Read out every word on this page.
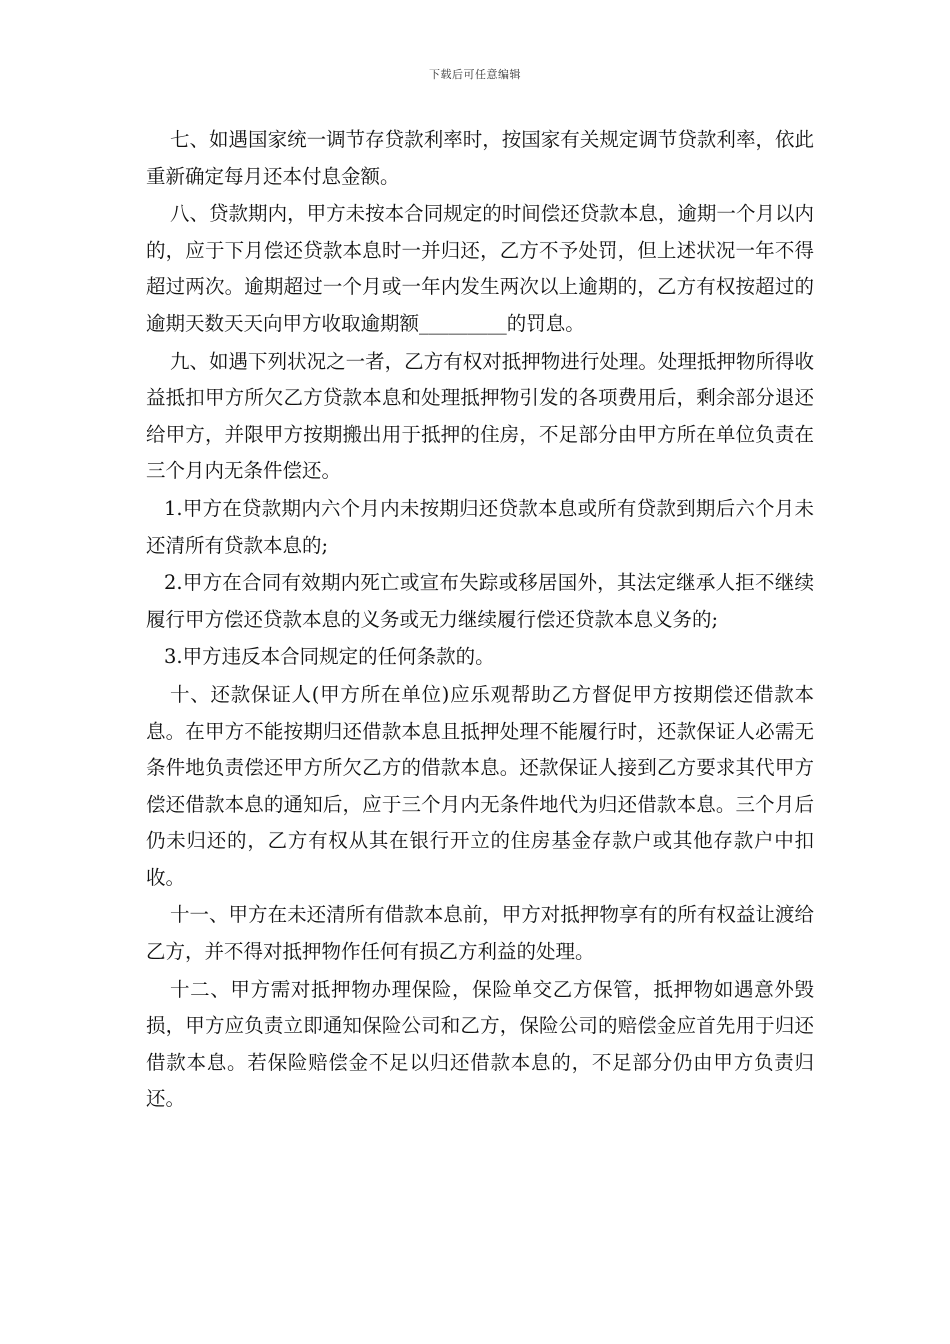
下载后可任意编辑

七、如遇国家统一调节存贷款利率时，按国家有关规定调节贷款利率，依此重新确定每月还本付息金额。

八、贷款期内，甲方未按本合同规定的时间偿还贷款本息，逾期一个月以内的，应于下月偿还贷款本息时一并归还，乙方不予处罚，但上述状况一年不得超过两次。逾期超过一个月或一年内发生两次以上逾期的，乙方有权按超过的逾期天数天天向甲方收取逾期额_________的罚息。

九、如遇下列状况之一者，乙方有权对抵押物进行处理。处理抵押物所得收益抵扣甲方所欠乙方贷款本息和处理抵押物引发的各项费用后，剩余部分退还给甲方，并限甲方按期搬出用于抵押的住房，不足部分由甲方所在单位负责在三个月内无条件偿还。

1.甲方在贷款期内六个月内未按期归还贷款本息或所有贷款到期后六个月未还清所有贷款本息的;

2.甲方在合同有效期内死亡或宣布失踪或移居国外，其法定继承人拒不继续履行甲方偿还贷款本息的义务或无力继续履行偿还贷款本息义务的;

3.甲方违反本合同规定的任何条款的。

十、还款保证人(甲方所在单位)应乐观帮助乙方督促甲方按期偿还借款本息。在甲方不能按期归还借款本息且抵押处理不能履行时，还款保证人必需无条件地负责偿还甲方所欠乙方的借款本息。还款保证人接到乙方要求其代甲方偿还借款本息的通知后，应于三个月内无条件地代为归还借款本息。三个月后仍未归还的，乙方有权从其在银行开立的住房基金存款户或其他存款户中扣收。

十一、甲方在未还清所有借款本息前，甲方对抵押物享有的所有权益让渡给乙方，并不得对抵押物作任何有损乙方利益的处理。

十二、甲方需对抵押物办理保险，保险单交乙方保管，抵押物如遇意外毁损，甲方应负责立即通知保险公司和乙方，保险公司的赔偿金应首先用于归还借款本息。若保险赔偿金不足以归还借款本息的，不足部分仍由甲方负责归还。
